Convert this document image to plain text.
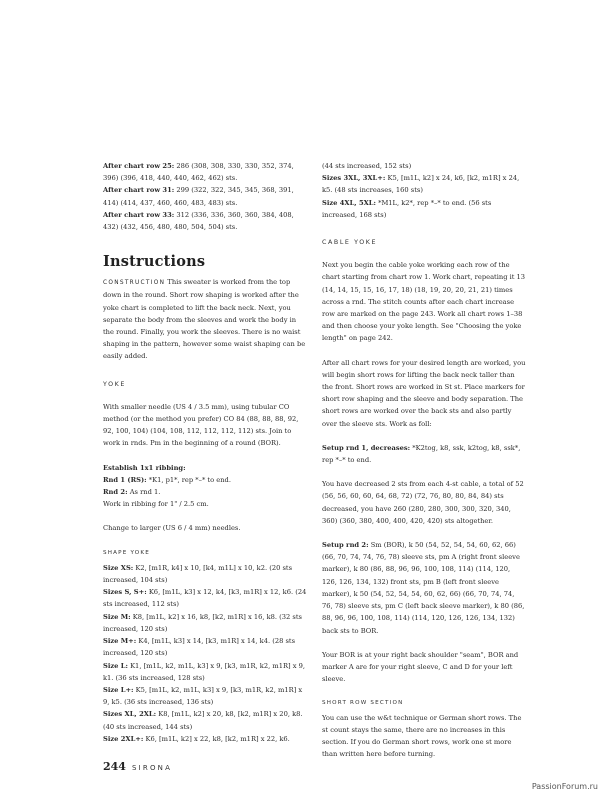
After chart row 25: 286 (308, 308, 330, 330, 352, 374, 396) (396, 418, 440, 440, 462, 462) sts.

After chart row 31: 299 (322, 322, 345, 345, 368, 391, 414) (414, 437, 460, 460, 483, 483) sts.

After chart row 33: 312 (336, 336, 360, 360, 384, 408, 432) (432, 456, 480, 480, 504, 504) sts.

Instructions

CONSTRUCTION This sweater is worked from the top down in the round. Short row shaping is worked after the yoke chart is completed to lift the back neck. Next, you separate the body from the sleeves and work the body in the round. Finally, you work the sleeves. There is no waist shaping in the pattern, however some waist shaping can be easily added.

YOKE

With smaller needle (US 4 / 3.5 mm), using tubular CO method (or the method you prefer) CO 84 (88, 88, 88, 92, 92, 100, 104) (104, 108, 112, 112, 112, 112) sts. Join to work in rnds. Pm in the beginning of a round (BOR).

Establish 1x1 ribbing:

Rnd 1 (RS): *K1, p1*, rep *–* to end.

Rnd 2: As rnd 1.

Work in ribbing for 1" / 2.5 cm.

Change to larger (US 6 / 4 mm) needles.

SHAPE YOKE

Size XS: K2, [m1R, k4] x 10, [k4, m1L] x 10, k2. (20 sts increased, 104 sts)

Sizes S, S+: K6, [m1L, k3] x 12, k4, [k3, m1R] x 12, k6. (24 sts increased, 112 sts)

Size M: K8, [m1L, k2] x 16, k8, [k2, m1R] x 16, k8. (32 sts increased, 120 sts)

Size M+: K4, [m1L, k3] x 14, [k3, m1R] x 14, k4. (28 sts increased, 120 sts)

Size L: K1, [m1L, k2, m1L, k3] x 9, [k3, m1R, k2, m1R] x 9, k1. (36 sts increased, 128 sts)

Size L+: K5, [m1L, k2, m1L, k3] x 9, [k3, m1R, k2, m1R] x 9, k5. (36 sts increased, 136 sts)

Sizes XL, 2XL: K8, [m1L, k2] x 20, k8, [k2, m1R] x 20, k8. (40 sts increased, 144 sts)

Size 2XL+: K6, [m1L, k2] x 22, k8, [k2, m1R] x 22, k6.

(44 sts increased, 152 sts)

Sizes 3XL, 3XL+: K5, [m1L, k2] x 24, k6, [k2, m1R] x 24, k5. (48 sts increases, 160 sts)

Size 4XL, 5XL: *M1L, k2*, rep *–* to end. (56 sts increased, 168 sts)

CABLE YOKE

Next you begin the cable yoke working each row of the chart starting from chart row 1. Work chart, repeating it 13 (14, 14, 15, 15, 16, 17, 18) (18, 19, 20, 20, 21, 21) times across a rnd. The stitch counts after each chart increase row are marked on the page 243. Work all chart rows 1–38 and then choose your yoke length. See "Choosing the yoke length" on page 242.

After all chart rows for your desired length are worked, you will begin short rows for lifting the back neck taller than the front. Short rows are worked in St st. Place markers for short row shaping and the sleeve and body separation. The short rows are worked over the back sts and also partly over the sleeve sts. Work as foll:

Setup rnd 1, decreases: *K2tog, k8, ssk, k2tog, k8, ssk*, rep *–* to end.

You have decreased 2 sts from each 4-st cable, a total of 52 (56, 56, 60, 60, 64, 68, 72) (72, 76, 80, 80, 84, 84) sts decreased, you have 260 (280, 280, 300, 300, 320, 340, 360) (360, 380, 400, 400, 420, 420) sts altogether.

Setup rnd 2: Sm (BOR), k 50 (54, 52, 54, 54, 60, 62, 66) (66, 70, 74, 74, 76, 78) sleeve sts, pm A (right front sleeve marker), k 80 (86, 88, 96, 96, 100, 108, 114) (114, 120, 126, 126, 134, 132) front sts, pm B (left front sleeve marker), k 50 (54, 52, 54, 54, 60, 62, 66) (66, 70, 74, 74, 76, 78) sleeve sts, pm C (left back sleeve marker), k 80 (86, 88, 96, 96, 100, 108, 114) (114, 120, 126, 126, 134, 132) back sts to BOR.

Your BOR is at your right back shoulder "seam", BOR and marker A are for your right sleeve, C and D for your left sleeve.

SHORT ROW SECTION

You can use the w&t technique or German short rows. The st count stays the same, there are no increases in this section. If you do German short rows, work one st more than written here before turning.

244 SIRONA
PassionForum.ru
